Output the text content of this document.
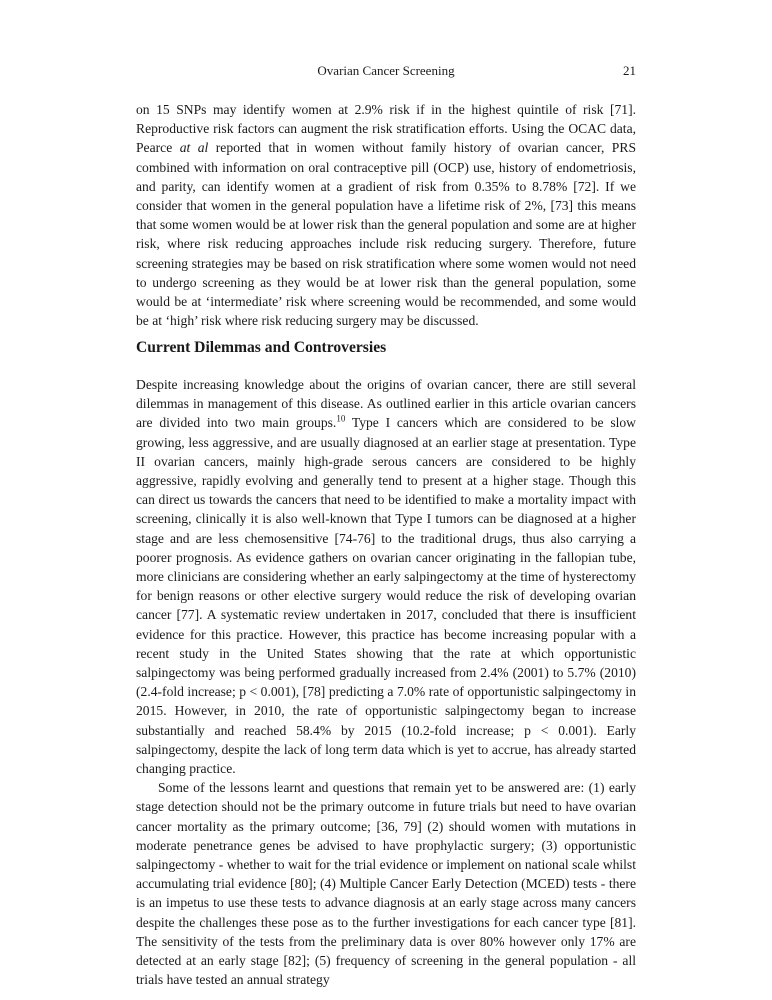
Ovarian Cancer Screening	21

on 15 SNPs may identify women at 2.9% risk if in the highest quintile of risk [71]. Reproductive risk factors can augment the risk stratification efforts. Using the OCAC data, Pearce at al reported that in women without family history of ovarian cancer, PRS combined with information on oral contraceptive pill (OCP) use, history of endometriosis, and parity, can identify women at a gradient of risk from 0.35% to 8.78% [72]. If we consider that women in the general population have a lifetime risk of 2%, [73] this means that some women would be at lower risk than the general population and some are at higher risk, where risk reducing approaches include risk reducing surgery. Therefore, future screening strategies may be based on risk stratification where some women would not need to undergo screening as they would be at lower risk than the general population, some would be at ‘intermediate’ risk where screening would be recommended, and some would be at ‘high’ risk where risk reducing surgery may be discussed.

Current Dilemmas and Controversies

Despite increasing knowledge about the origins of ovarian cancer, there are still several dilemmas in management of this disease. As outlined earlier in this article ovarian cancers are divided into two main groups.$^{10}$ Type I cancers which are considered to be slow growing, less aggressive, and are usually diagnosed at an earlier stage at presentation. Type II ovarian cancers, mainly high-grade serous cancers are considered to be highly aggressive, rapidly evolving and generally tend to present at a higher stage. Though this can direct us towards the cancers that need to be identified to make a mortality impact with screening, clinically it is also well-known that Type I tumors can be diagnosed at a higher stage and are less chemosensitive [74-76] to the traditional drugs, thus also carrying a poorer prognosis. As evidence gathers on ovarian cancer originating in the fallopian tube, more clinicians are considering whether an early salpingectomy at the time of hysterectomy for benign reasons or other elective surgery would reduce the risk of developing ovarian cancer [77]. A systematic review undertaken in 2017, concluded that there is insufficient evidence for this practice. However, this practice has become increasing popular with a recent study in the United States showing that the rate at which opportunistic salpingectomy was being performed gradually increased from 2.4% (2001) to 5.7% (2010) (2.4-fold increase; p < 0.001), [78] predicting a 7.0% rate of opportunistic salpingectomy in 2015. However, in 2010, the rate of opportunistic salpingectomy began to increase substantially and reached 58.4% by 2015 (10.2-fold increase; p < 0.001). Early salpingectomy, despite the lack of long term data which is yet to accrue, has already started changing practice.

Some of the lessons learnt and questions that remain yet to be answered are: (1) early stage detection should not be the primary outcome in future trials but need to have ovarian cancer mortality as the primary outcome; [36, 79] (2) should women with mutations in moderate penetrance genes be advised to have prophylactic surgery; (3) opportunistic salpingectomy - whether to wait for the trial evidence or implement on national scale whilst accumulating trial evidence [80]; (4) Multiple Cancer Early Detection (MCED) tests - there is an impetus to use these tests to advance diagnosis at an early stage across many cancers despite the challenges these pose as to the further investigations for each cancer type [81]. The sensitivity of the tests from the preliminary data is over 80% however only 17% are detected at an early stage [82]; (5) frequency of screening in the general population - all trials have tested an annual strategy
